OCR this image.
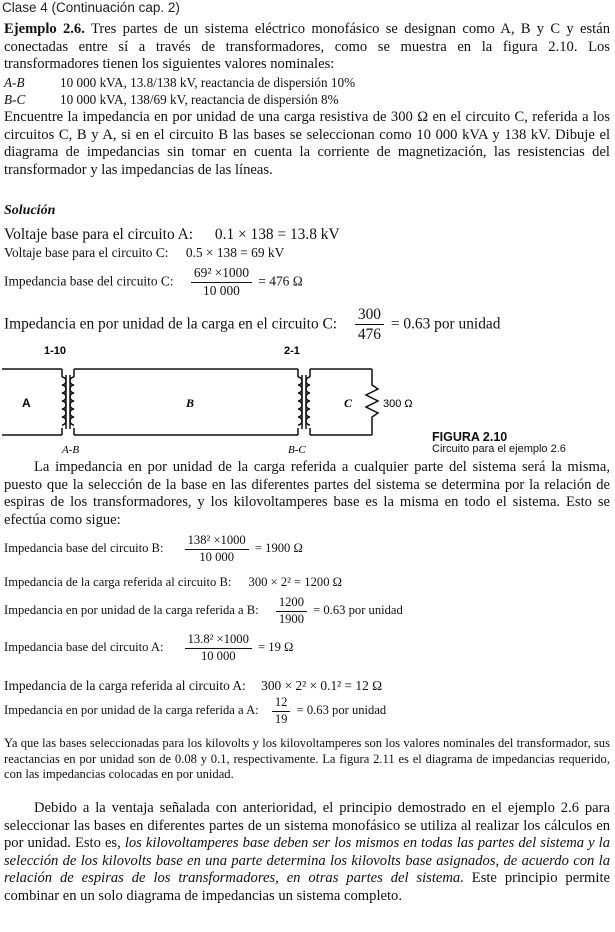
Clase 4 (Continuación cap. 2)
Ejemplo 2.6. Tres partes de un sistema eléctrico monofásico se designan como A, B y C y están conectadas entre sí a través de transformadores, como se muestra en la figura 2.10. Los transformadores tienen los siguientes valores nominales:
A-B	10 000 kVA, 13.8/138 kV, reactancia de dispersión 10%
B-C	10 000 kVA, 138/69 kV, reactancia de dispersión 8%
Encuentre la impedancia en por unidad de una carga resistiva de 300 Ω en el circuito C, referida a los circuitos C, B y A, si en el circuito B las bases se seleccionan como 10 000 kVA y 138 kV. Dibuje el diagrama de impedancias sin tomar en cuenta la corriente de magnetización, las resistencias del transformador y las impedancias de las líneas.
Solución
Voltaje base para el circuito A: 0.1 × 138 = 13.8 kV
Voltaje base para el circuito C: 0.5 × 138 = 69 kV
Impedancia base del circuito C: $\frac{\text{69² ×1000}}{10 000} = 476$ Ω
Impedancia en por unidad de la carga en el circuito C: $\frac{300}{476} = 0.63$ por unidad
1-10	2-1
A	B	C	300 Ω
A-B	B-C
FIGURA 2.10
Circuito para el ejemplo 2.6
La impedancia en por unidad de la carga referida a cualquier parte del sistema será la misma, puesto que la selección de la base en las diferentes partes del sistema se determina por la relación de espiras de los transformadores, y los kilovoltamperes base es la misma en todo el sistema. Esto se efectúa como sigue:
Impedancia base del circuito B: $\frac{\text{138² ×1000}}{10 000} = 1900$ Ω
Impedancia de la carga referida al circuito B: 300 × 2² = 1200 Ω
Impedancia en por unidad de la carga referida a B: $\frac{1200}{1900} = 0.63$ por unidad
Impedancia base del circuito A: $\frac{\text{13.8² ×1000}}{10 000} = 19$ Ω
Impedancia de la carga referida al circuito A: 300 × 2² × 0.1² = 12 Ω
Impedancia en por unidad de la carga referida a A: $\frac{12}{19} = 0.63$ por unidad
Ya que las bases seleccionadas para los kilovolts y los kilovoltamperes son los valores nominales del transformador, sus reactancias en por unidad son de 0.08 y 0.1, respectivamente. La figura 2.11 es el diagrama de impedancias requerido, con las impedancias colocadas en por unidad.
Debido a la ventaja señalada con anterioridad, el principio demostrado en el ejemplo 2.6 para seleccionar las bases en diferentes partes de un sistema monofásico se utiliza al realizar los cálculos en por unidad. Esto es, los kilovoltamperes base deben ser los mismos en todas las partes del sistema y la selección de los kilovolts base en una parte determina los kilovolts base asignados, de acuerdo con la relación de espiras de los transformadores, en otras partes del sistema. Este principio permite combinar en un solo diagrama de impedancias un sistema completo.
